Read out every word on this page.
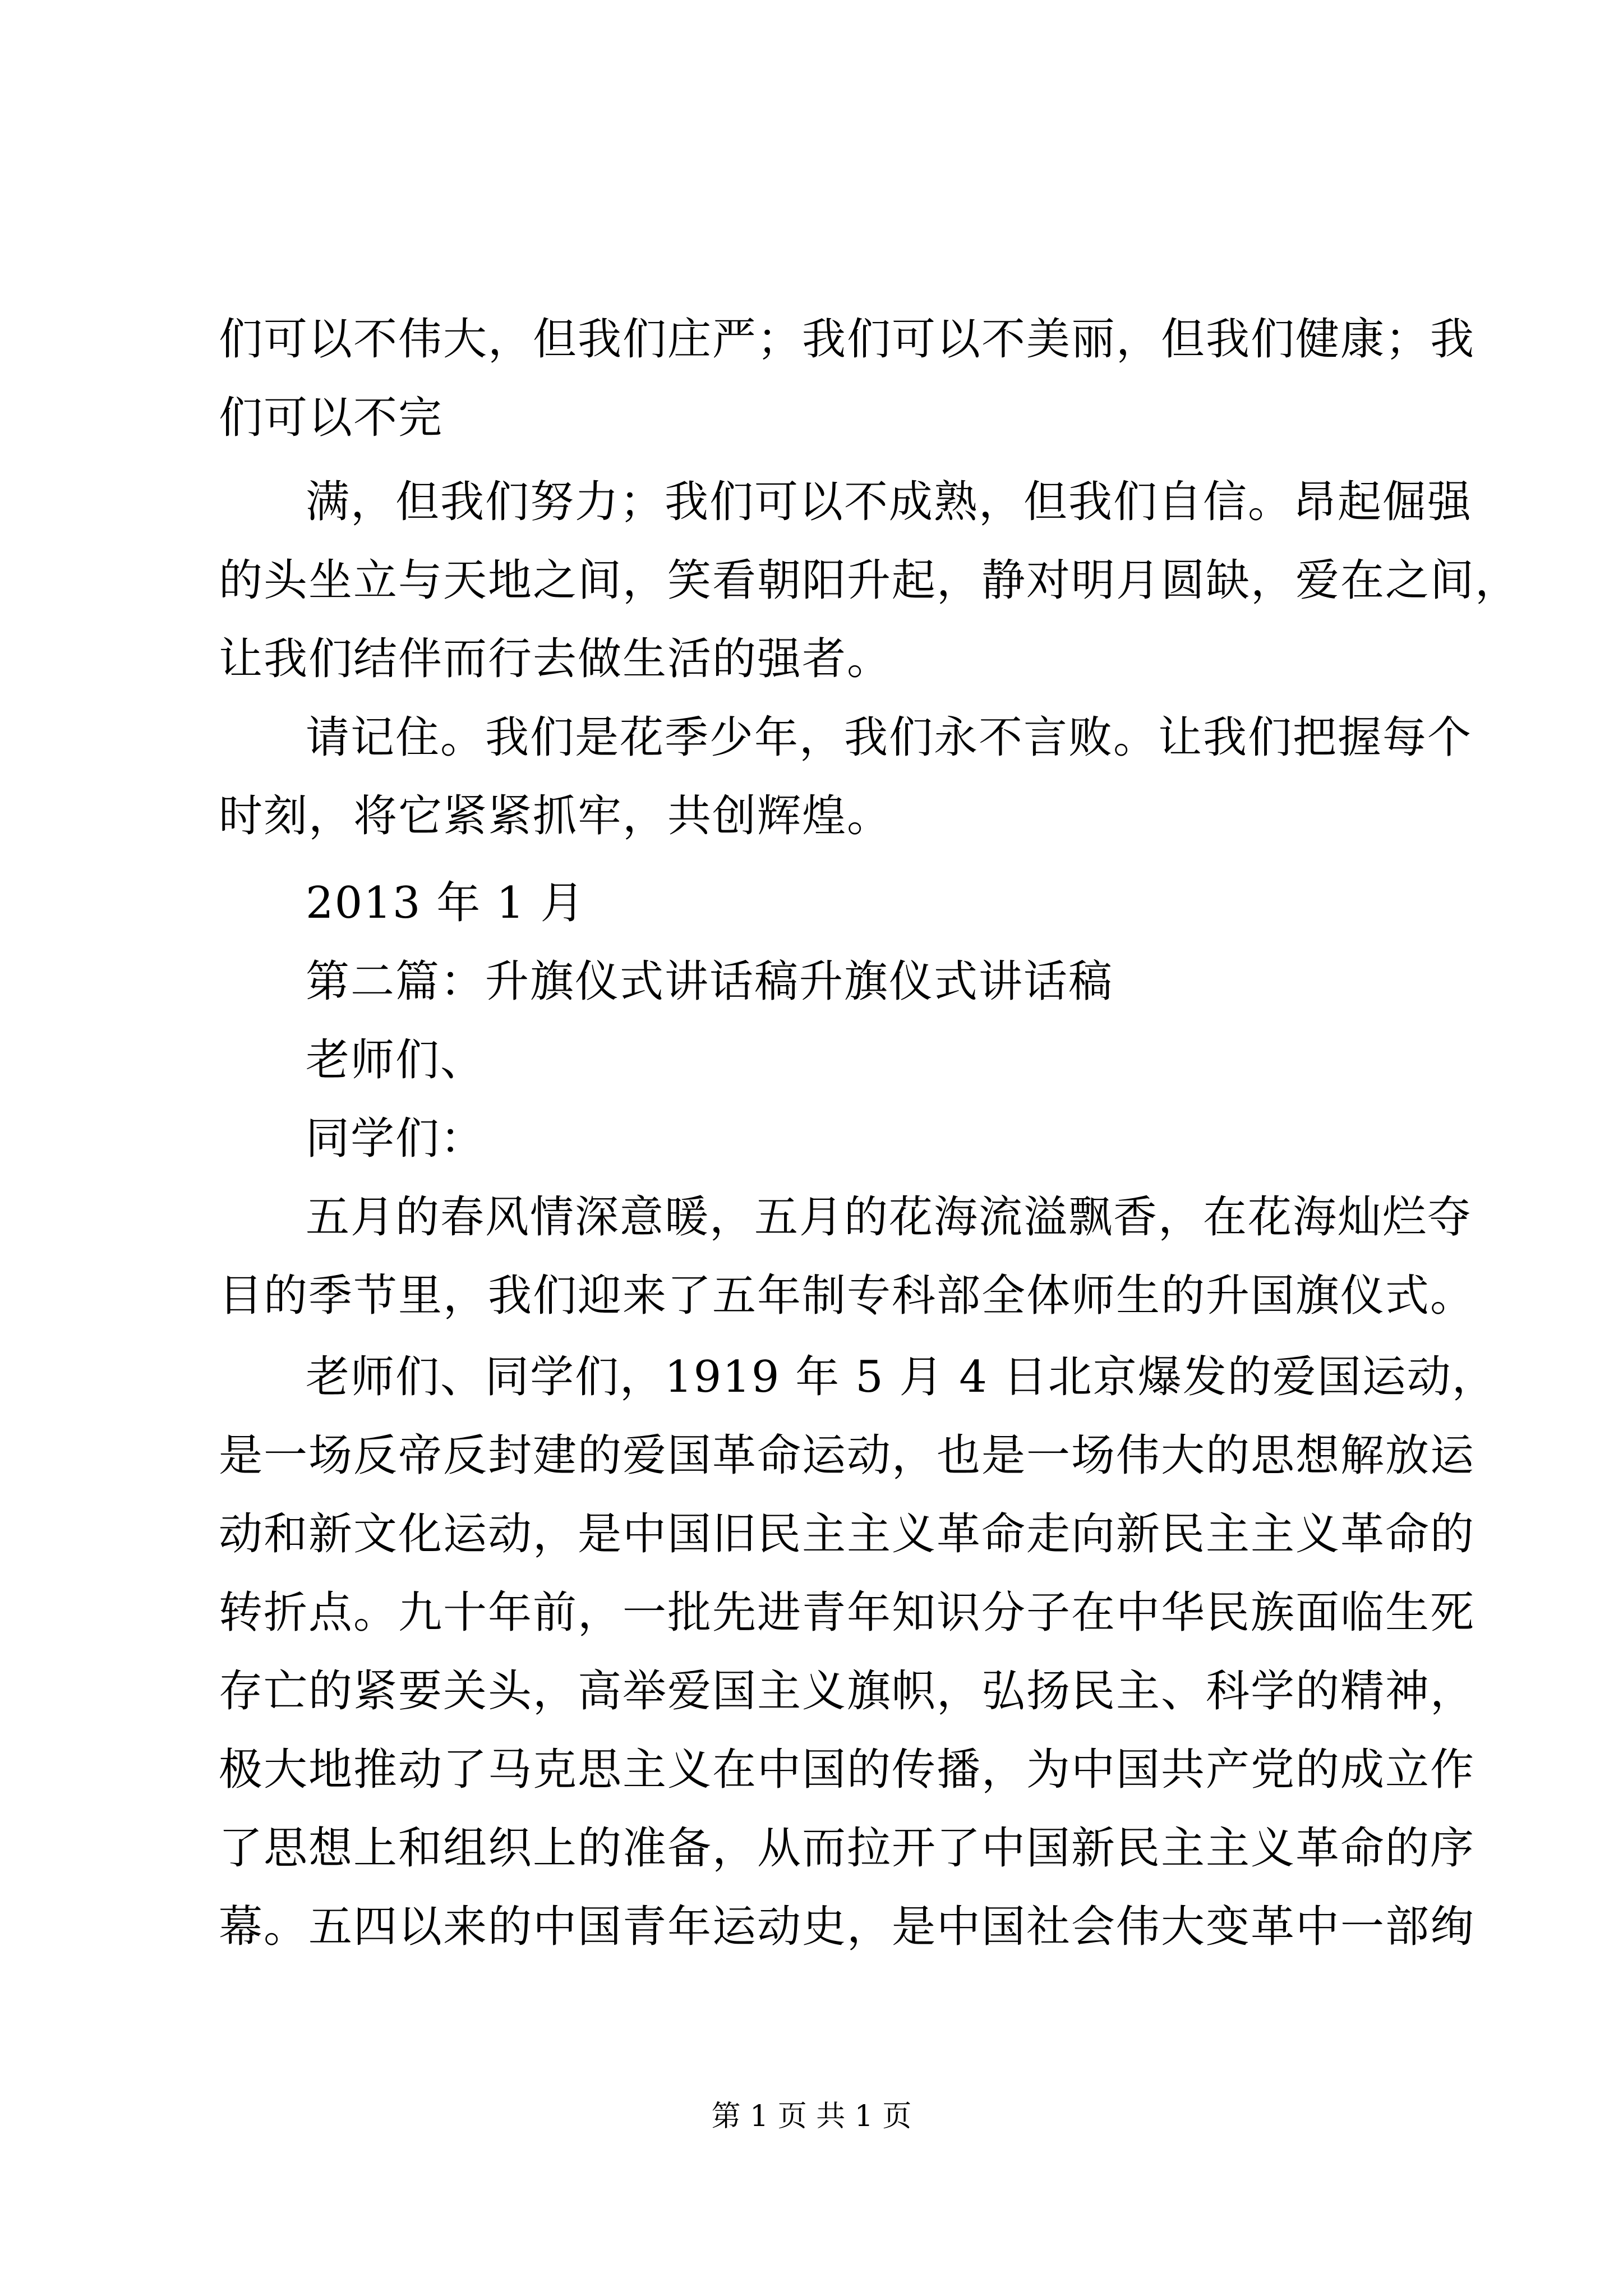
们可以不伟大，但我们庄严；我们可以不美丽，但我们健康；我
们可以不完
满，但我们努力；我们可以不成熟，但我们自信。昂起倔强
的头坐立与天地之间，笑看朝阳升起，静对明月圆缺，爱在之间，
让我们结伴而行去做生活的强者。
请记住。我们是花季少年，我们永不言败。让我们把握每个
时刻，将它紧紧抓牢，共创辉煌。
2013 年 1 月
第二篇：升旗仪式讲话稿升旗仪式讲话稿
老师们、
同学们：
五月的春风情深意暖，五月的花海流溢飘香，在花海灿烂夺
目的季节里，我们迎来了五年制专科部全体师生的升国旗仪式。
老师们、同学们，1919 年 5 月 4 日北京爆发的爱国运动，
是一场反帝反封建的爱国革命运动，也是一场伟大的思想解放运
动和新文化运动，是中国旧民主主义革命走向新民主主义革命的
转折点。九十年前，一批先进青年知识分子在中华民族面临生死
存亡的紧要关头，高举爱国主义旗帜，弘扬民主、科学的精神，
极大地推动了马克思主义在中国的传播，为中国共产党的成立作
了思想上和组织上的准备，从而拉开了中国新民主主义革命的序
幕。五四以来的中国青年运动史，是中国社会伟大变革中一部绚
第 1 页 共 1 页
